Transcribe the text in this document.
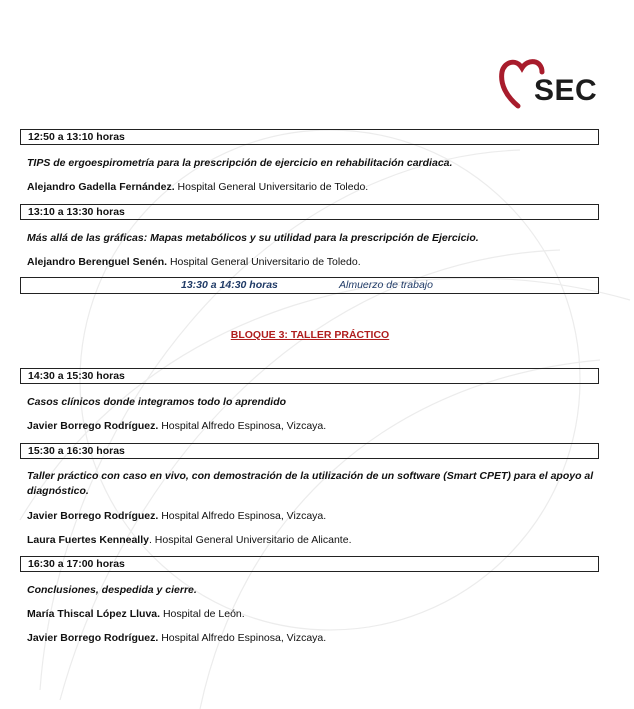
SEC
12:50 a 13:10 horas
TIPS de ergoespirometría para la prescripción de ejercicio en rehabilitación cardiaca.
Alejandro Gadella Fernández. Hospital General Universitario de Toledo.
13:10 a 13:30 horas
Más allá de las gráficas: Mapas metabólicos y su utilidad para la prescripción de Ejercicio.
Alejandro Berenguel Senén. Hospital General Universitario de Toledo.
13:30 a 14:30 horas	Almuerzo de trabajo
BLOQUE 3: TALLER PRÁCTICO
14:30 a 15:30 horas
Casos clínicos donde integramos todo lo aprendido
Javier Borrego Rodríguez. Hospital Alfredo Espinosa, Vizcaya.
15:30 a 16:30 horas
Taller práctico con caso en vivo, con demostración de la utilización de un software (Smart CPET) para el apoyo al diagnóstico.
Javier Borrego Rodríguez. Hospital Alfredo Espinosa, Vizcaya.
Laura Fuertes Kenneally. Hospital General Universitario de Alicante.
16:30 a 17:00 horas
Conclusiones, despedida y cierre.
María Thiscal López Lluva. Hospital de León.
Javier Borrego Rodríguez. Hospital Alfredo Espinosa, Vizcaya.
